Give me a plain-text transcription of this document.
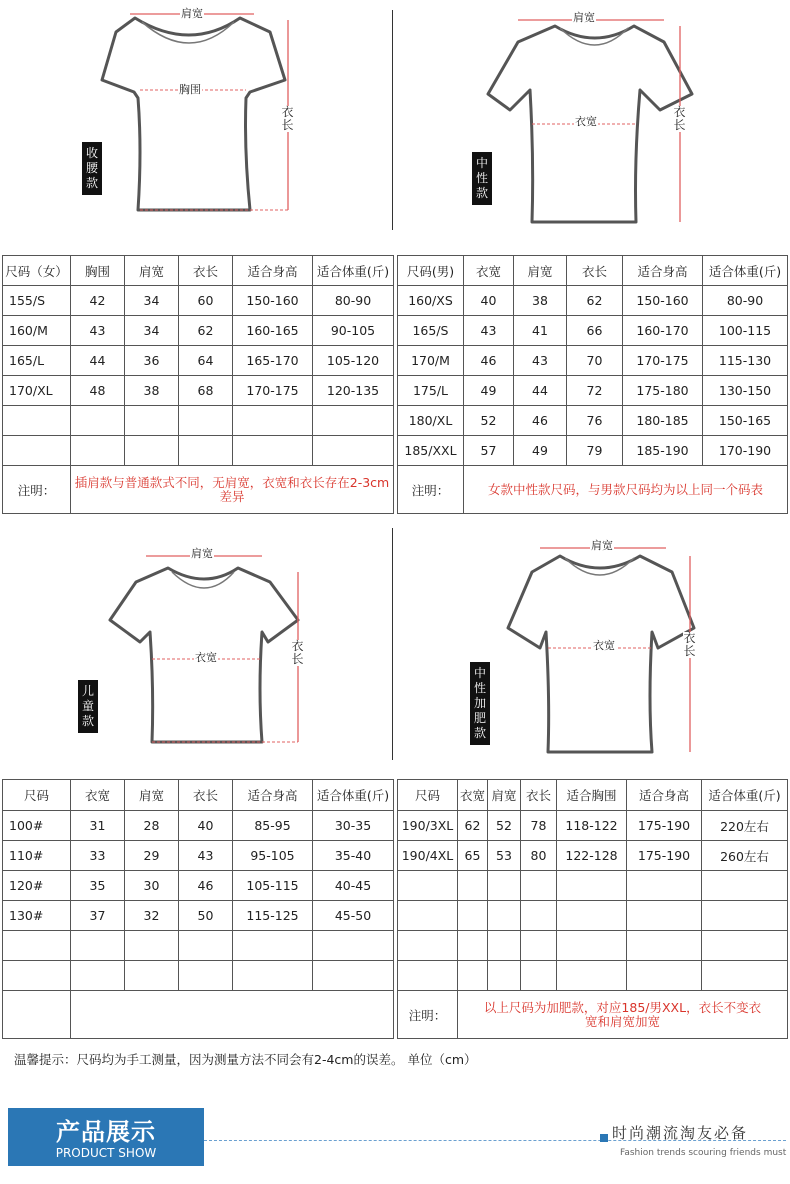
肩宽
胸围
衣长
收腰款
肩宽
衣宽
衣长
中性款
肩宽
衣宽
衣长
儿童款
肩宽
衣宽
衣长
中性加肥款
尺码（女）	胸围	肩宽	衣长	适合身高	适合体重(斤)
155/S	42	34	60	150-160	80-90
160/M	43	34	62	160-165	90-105
165/L	44	36	64	165-170	105-120
170/XL	48	38	68	170-175	120-135

注明：	插肩款与普通款式不同，无肩宽，衣宽和衣长存在2-3cm差异				
尺码(男)	衣宽	肩宽	衣长	适合身高	适合体重(斤)
160/XS	40	38	62	150-160	80-90
165/S	43	41	66	160-170	100-115
170/M	46	43	70	170-175	115-130
175/L	49	44	72	175-180	130-150
180/XL	52	46	76	180-185	150-165
185/XXL	57	49	79	185-190	170-190
注明：	女款中性款尺码，与男款尺码均为以上同一个码表				
尺码	衣宽	肩宽	衣长	适合身高	适合体重(斤)
100#	31	28	40	85-95	30-35
110#	33	29	43	95-105	35-40
120#	35	30	46	105-115	40-45
130#	37	32	50	115-125	45-50

尺码	衣宽	肩宽	衣长	适合胸围	适合身高	适合体重(斤)
190/3XL	62	52	78	118-122	175-190	220左右
190/4XL	65	53	80	122-128	175-190	260左右

注明：	以上尺码为加肥款，对应185/男XXL，衣长不变衣宽和肩宽加宽					
温馨提示：尺码均为手工测量，因为测量方法不同会有2-4cm的误差。 单位（cm）
产品展示
PRODUCT SHOW
时尚潮流淘友必备
Fashion trends scouring friends must
